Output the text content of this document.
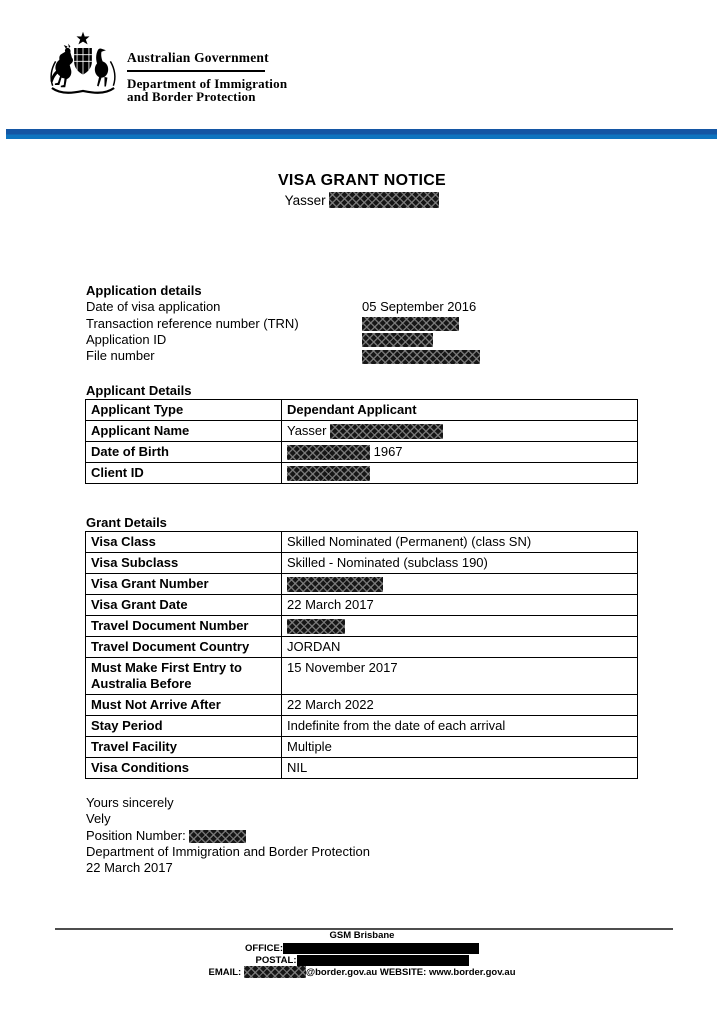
Australian Government
Department of Immigration
and Border Protection
VISA GRANT NOTICE
Yasser
Application details
Date of visa application	05 September 2016
Transaction reference number (TRN)
Application ID
File number
Applicant Details
Applicant Type	Dependant Applicant
Applicant Name	Yasser
Date of Birth	1967
Client ID	
Grant Details
Visa Class	Skilled Nominated (Permanent) (class SN)
Visa Subclass	Skilled - Nominated (subclass 190)
Visa Grant Number	
Visa Grant Date	22 March 2017
Travel Document Number	
Travel Document Country	JORDAN
Must Make First Entry to Australia Before	15 November 2017
Must Not Arrive After	22 March 2022
Stay Period	Indefinite from the date of each arrival
Travel Facility	Multiple
Visa Conditions	NIL
Yours sincerely
Vely
Position Number:
Department of Immigration and Border Protection
22 March 2017
GSM Brisbane
OFFICE:
POSTAL:
EMAIL:	@border.gov.au WEBSITE: www.border.gov.au
